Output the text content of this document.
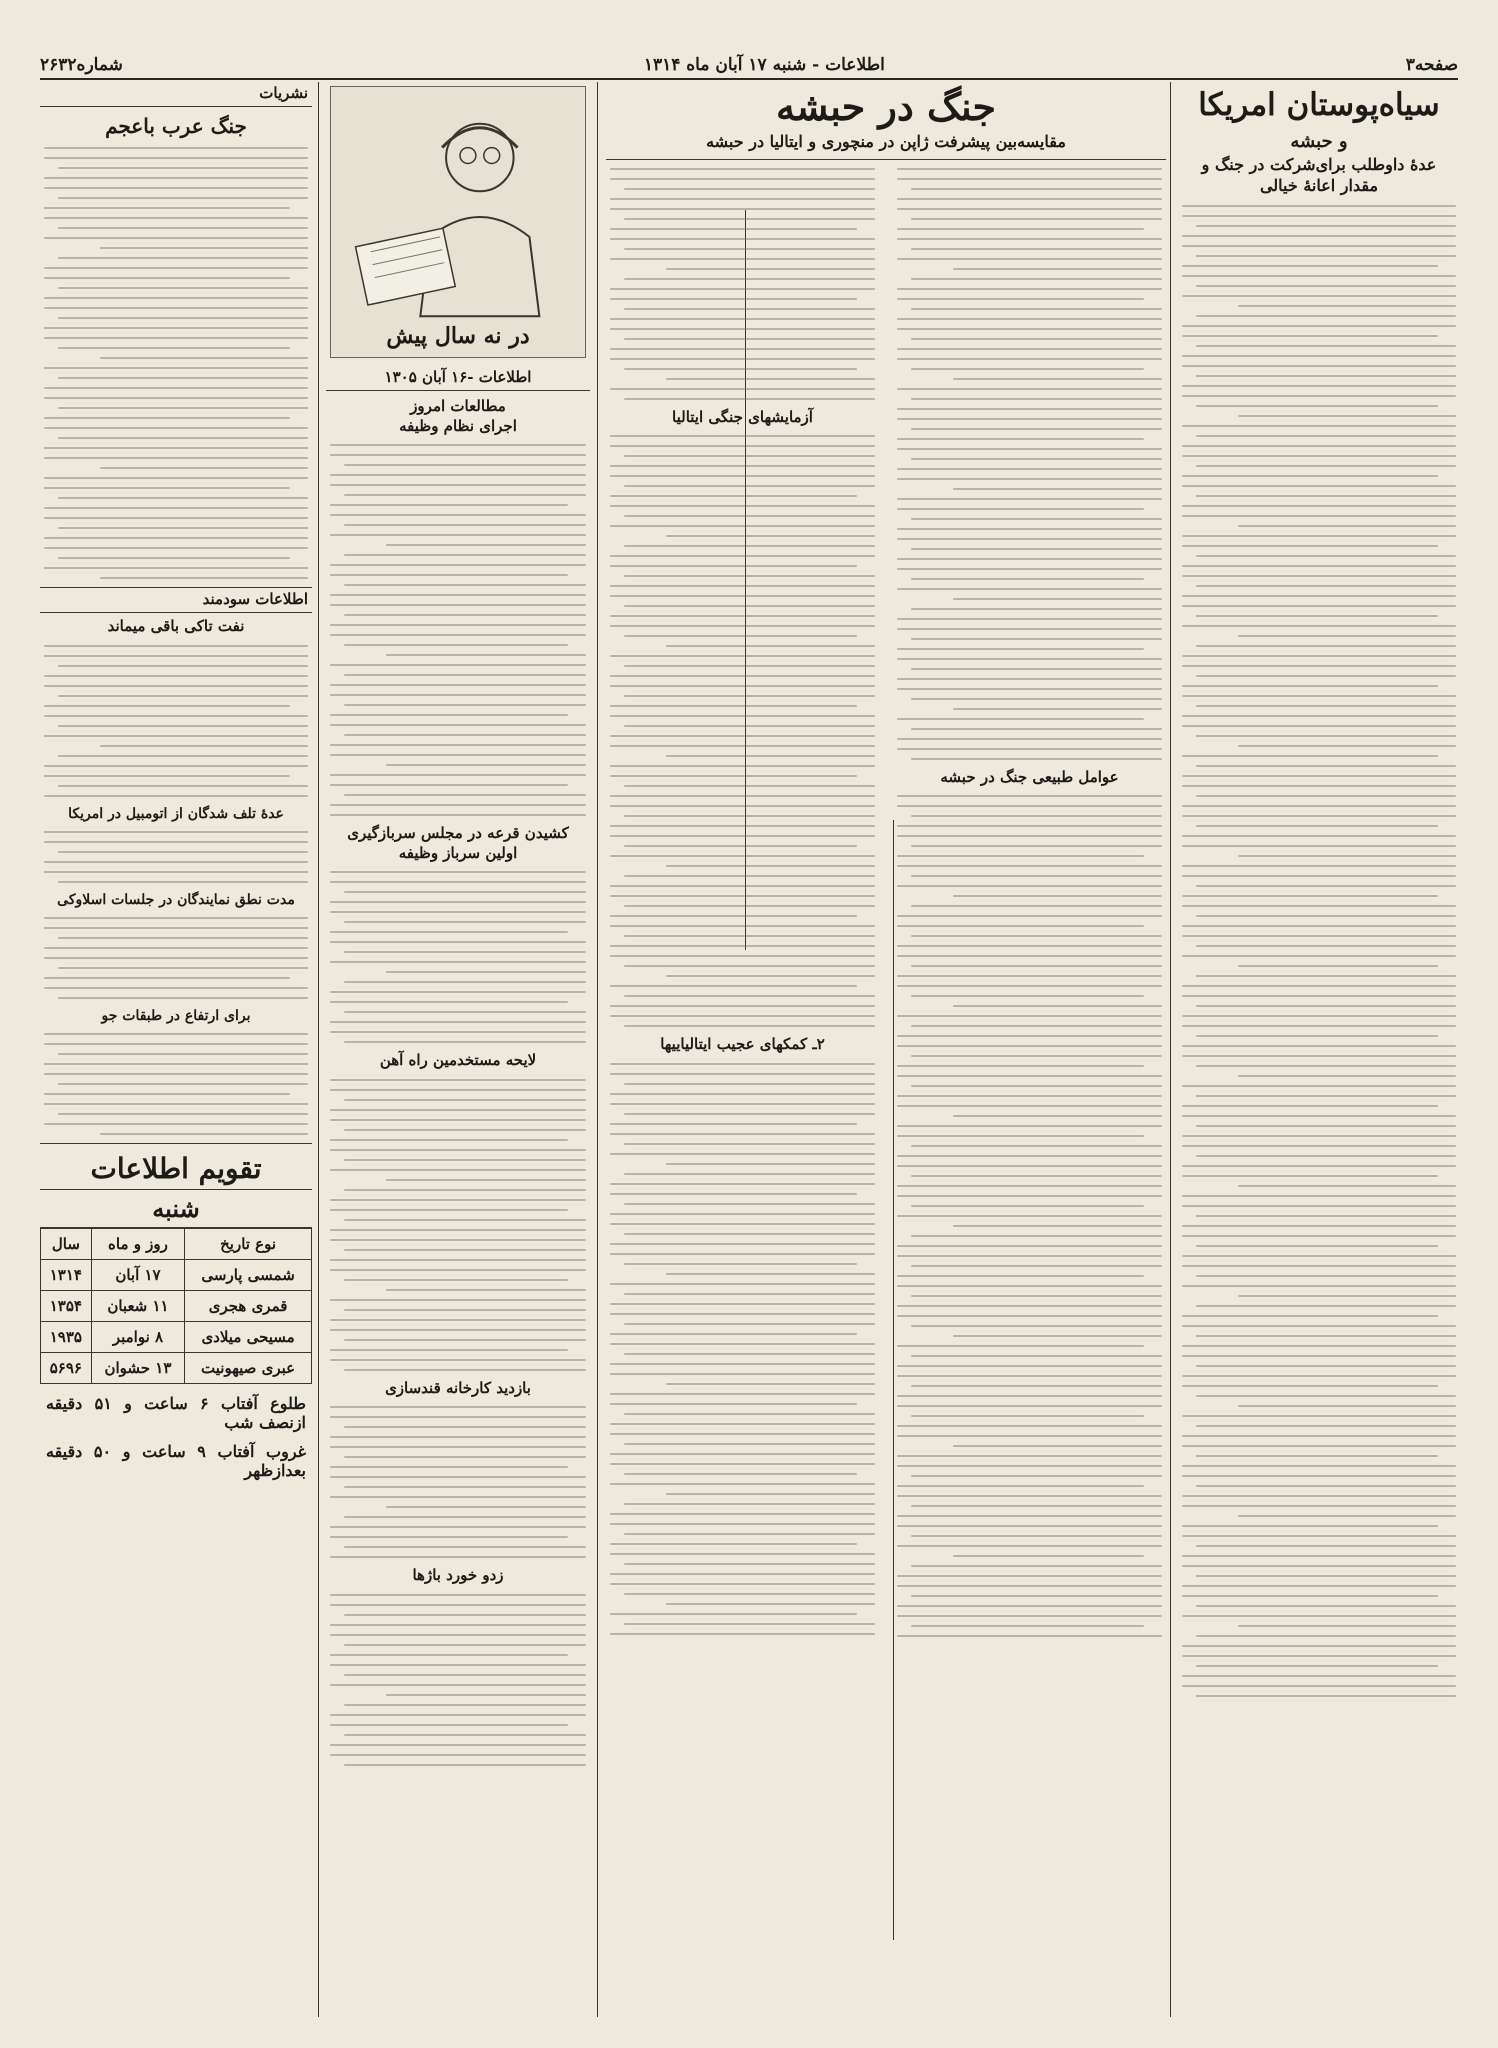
صفحه۳
اطلاعات - شنبه ۱۷ آبان ماه ۱۳۱۴
شماره۲۶۳۲
سیاه‌پوستان امریکا
و حبشه
عدهٔ داوطلب برای‌شرکت در جنگ و مقدار اعانهٔ خیالی
جنگ در حبشه
مقایسه‌بین پیشرفت ژاپن در منچوری و ایتالیا در حبشه
عوامل طبیعی جنگ در حبشه
آزمایشهای جنگی ایتالیا
۲ـ کمکهای عجیب ایتالیاییها
در نه سال پیش
اطلاعات -۱۶ آبان ۱۳۰۵
مطالعات امروز
اجرای نظام وظیفه
کشیدن قرعه در مجلس سربازگیری
اولین سرباز وظیفه
لایحه مستخدمین راه آهن
بازدید کارخانه قندسازی
زدو خورد باژها
نشریات
جنگ عرب باعجم
اطلاعات سودمند
نفت تاکی باقی میماند
عدهٔ تلف شدگان از اتومبیل در امریکا
مدت نطق نمایندگان در جلسات اسلاوکی
برای ارتفاع در طبقات جو
تقویم اطلاعات
شنبه
نوع تاریخ	روز و ماه	سال
شمسی پارسی	۱۷ آبان	۱۳۱۴
قمری هجری	۱۱ شعبان	۱۳۵۴
مسیحی میلادی	۸ نوامبر	۱۹۳۵
عبری صیهونیت	۱۳ حشوان	۵۶۹۶
طلوع آفتاب ۶ ساعت و ۵۱ دقیقه ازنصف شب
غروب آفتاب ۹ ساعت و ۵۰ دقیقه بعدازظهر
